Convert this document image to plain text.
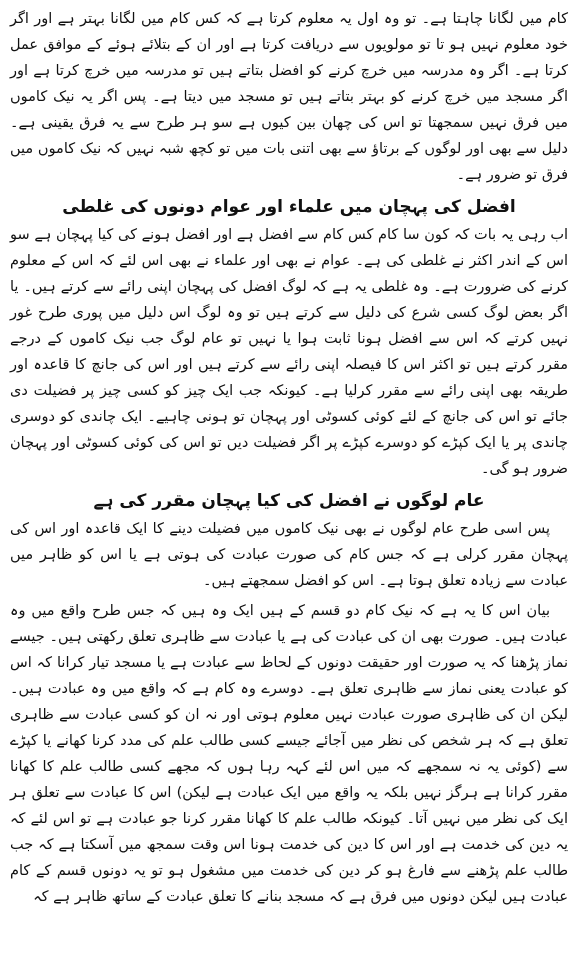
کام میں لگانا چاہتا ہے۔ تو وہ اول یہ معلوم کرتا ہے کہ کس کام میں لگانا بہتر ہے اور اگر خود معلوم نہیں ہو تا تو مولویوں سے دریافت کرتا ہے اور ان کے بتلائے ہوئے کے موافق عمل کرتا ہے۔ اگر وہ مدرسہ میں خرچ کرنے کو افضل بتاتے ہیں تو مدرسہ میں خرچ کرتا ہے اور اگر مسجد میں خرچ کرنے کو بہتر بتاتے ہیں تو مسجد میں دیتا ہے۔ پس اگر یہ نیک کاموں میں فرق نہیں سمجھتا تو اس کی چھان بین کیوں ہے سو ہر طرح سے یہ فرق یقینی ہے۔ دلیل سے بھی اور لوگوں کے برتاؤ سے بھی اتنی بات میں تو کچھ شبہ نہیں کہ نیک کاموں میں فرق تو ضرور ہے۔

افضل کی پہچان میں علماء اور عوام دونوں کی غلطی

اب رہی یہ بات کہ کون سا کام کس کام سے افضل ہے اور افضل ہونے کی کیا پہچان ہے سو اس کے اندر اکثر نے غلطی کی ہے۔ عوام نے بھی اور علماء نے بھی اس لئے کہ اس کے معلوم کرنے کی ضرورت ہے۔ وہ غلطی یہ ہے کہ لوگ افضل کی پہچان اپنی رائے سے کرتے ہیں۔ یا اگر بعض لوگ کسی شرع کی دلیل سے کرتے ہیں تو وہ لوگ اس دلیل میں پوری طرح غور نہیں کرتے کہ اس سے افضل ہونا ثابت ہوا یا نہیں تو عام لوگ جب نیک کاموں کے درجے مقرر کرتے ہیں تو اکثر اس کا فیصلہ اپنی رائے سے کرتے ہیں اور اس کی جانچ کا قاعدہ اور طریقہ بھی اپنی رائے سے مقرر کرلیا ہے۔ کیونکہ جب ایک چیز کو کسی چیز پر فضیلت دی جائے تو اس کی جانچ کے لئے کوئی کسوٹی اور پہچان تو ہونی چاہیے۔ ایک چاندی کو دوسری چاندی پر یا ایک کپڑے کو دوسرے کپڑے پر اگر فضیلت دیں تو اس کی کوئی کسوٹی اور پہچان ضرور ہو گی۔

عام لوگوں نے افضل کی کیا پہچان مقرر کی ہے

پس اسی طرح عام لوگوں نے بھی نیک کاموں میں فضیلت دینے کا ایک قاعدہ اور اس کی پہچان مقرر کرلی ہے کہ جس کام کی صورت عبادت کی ہوتی ہے یا اس کو ظاہر میں عبادت سے زیادہ تعلق ہوتا ہے۔ اس کو افضل سمجھتے ہیں۔

بیان اس کا یہ ہے کہ نیک کام دو قسم کے ہیں ایک وہ ہیں کہ جس طرح واقع میں وہ عبادت ہیں۔ صورت بھی ان کی عبادت کی ہے یا عبادت سے ظاہری تعلق رکھتی ہیں۔ جیسے نماز پڑھنا کہ یہ صورت اور حقیقت دونوں کے لحاظ سے عبادت ہے یا مسجد تیار کرانا کہ اس کو عبادت یعنی نماز سے ظاہری تعلق ہے۔ دوسرے وہ کام ہے کہ واقع میں وہ عبادت ہیں۔ لیکن ان کی ظاہری صورت عبادت نہیں معلوم ہوتی اور نہ ان کو کسی عبادت سے ظاہری تعلق ہے کہ ہر شخص کی نظر میں آجائے جیسے کسی طالب علم کی مدد کرنا کھانے یا کپڑے سے (کوئی یہ نہ سمجھے کہ میں اس لئے کہہ رہا ہوں کہ مجھے کسی طالب علم کا کھانا مقرر کرانا ہے ہرگز نہیں بلکہ یہ واقع میں ایک عبادت ہے لیکن) اس کا عبادت سے تعلق ہر ایک کی نظر میں نہیں آتا۔ کیونکہ طالب علم کا کھانا مقرر کرنا جو عبادت ہے تو اس لئے کہ یہ دین کی خدمت ہے اور اس کا دین کی خدمت ہونا اس وقت سمجھ میں آسکتا ہے کہ جب طالب علم پڑھنے سے فارغ ہو کر دین کی خدمت میں مشغول ہو تو یہ دونوں قسم کے کام عبادت ہیں لیکن دونوں میں فرق ہے کہ مسجد بنانے کا تعلق عبادت کے ساتھ ظاہر ہے کہ
